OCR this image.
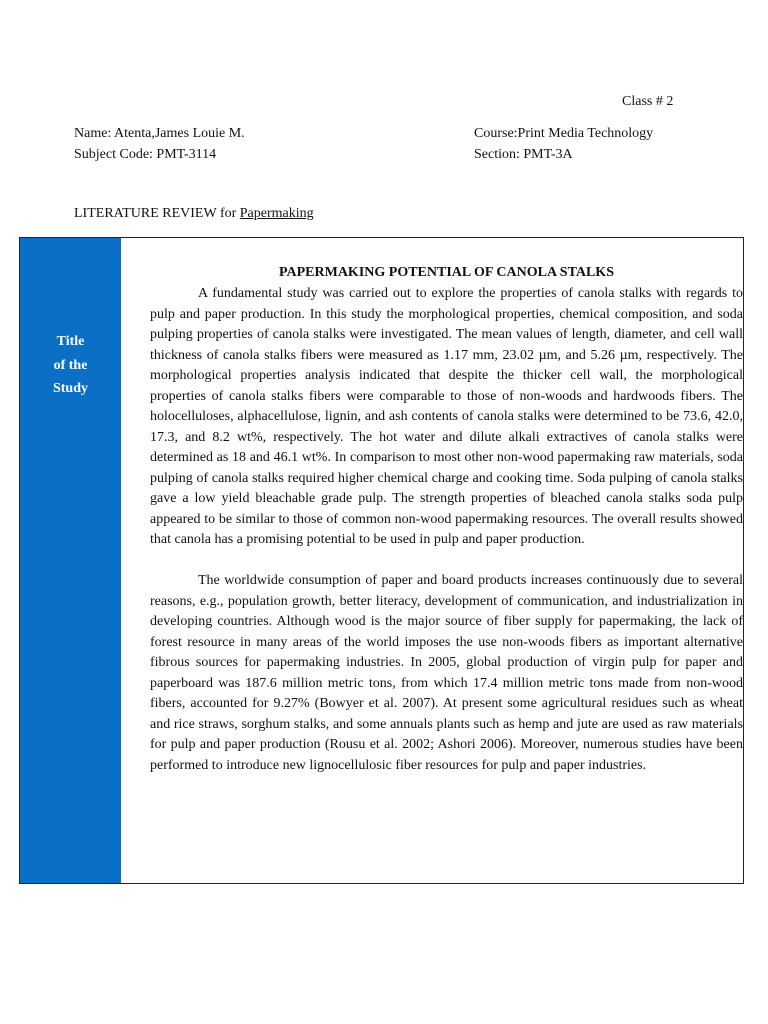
Class # 2
Name: Atenta,James Louie M.
Subject Code: PMT-3114
Course:Print Media Technology
Section: PMT-3A
LITERATURE REVIEW for Papermaking
Title
of the
Study
PAPERMAKING POTENTIAL OF CANOLA STALKS

A fundamental study was carried out to explore the properties of canola stalks with regards to pulp and paper production. In this study the morphological properties, chemical composition, and soda pulping properties of canola stalks were investigated. The mean values of length, diameter, and cell wall thickness of canola stalks fibers were measured as 1.17 mm, 23.02 µm, and 5.26 µm, respectively. The morphological properties analysis indicated that despite the thicker cell wall, the morphological properties of canola stalks fibers were comparable to those of non-woods and hardwoods fibers. The holocelluloses, alphacellulose, lignin, and ash contents of canola stalks were determined to be 73.6, 42.0, 17.3, and 8.2 wt%, respectively. The hot water and dilute alkali extractives of canola stalks were determined as 18 and 46.1 wt%. In comparison to most other non-wood papermaking raw materials, soda pulping of canola stalks required higher chemical charge and cooking time. Soda pulping of canola stalks gave a low yield bleachable grade pulp. The strength properties of bleached canola stalks soda pulp appeared to be similar to those of common non-wood papermaking resources. The overall results showed that canola has a promising potential to be used in pulp and paper production.

The worldwide consumption of paper and board products increases continuously due to several reasons, e.g., population growth, better literacy, development of communication, and industrialization in developing countries. Although wood is the major source of fiber supply for papermaking, the lack of forest resource in many areas of the world imposes the use non-woods fibers as important alternative fibrous sources for papermaking industries. In 2005, global production of virgin pulp for paper and paperboard was 187.6 million metric tons, from which 17.4 million metric tons made from non-wood fibers, accounted for 9.27% (Bowyer et al. 2007). At present some agricultural residues such as wheat and rice straws, sorghum stalks, and some annuals plants such as hemp and jute are used as raw materials for pulp and paper production (Rousu et al. 2002; Ashori 2006). Moreover, numerous studies have been performed to introduce new lignocellulosic fiber resources for pulp and paper industries.
